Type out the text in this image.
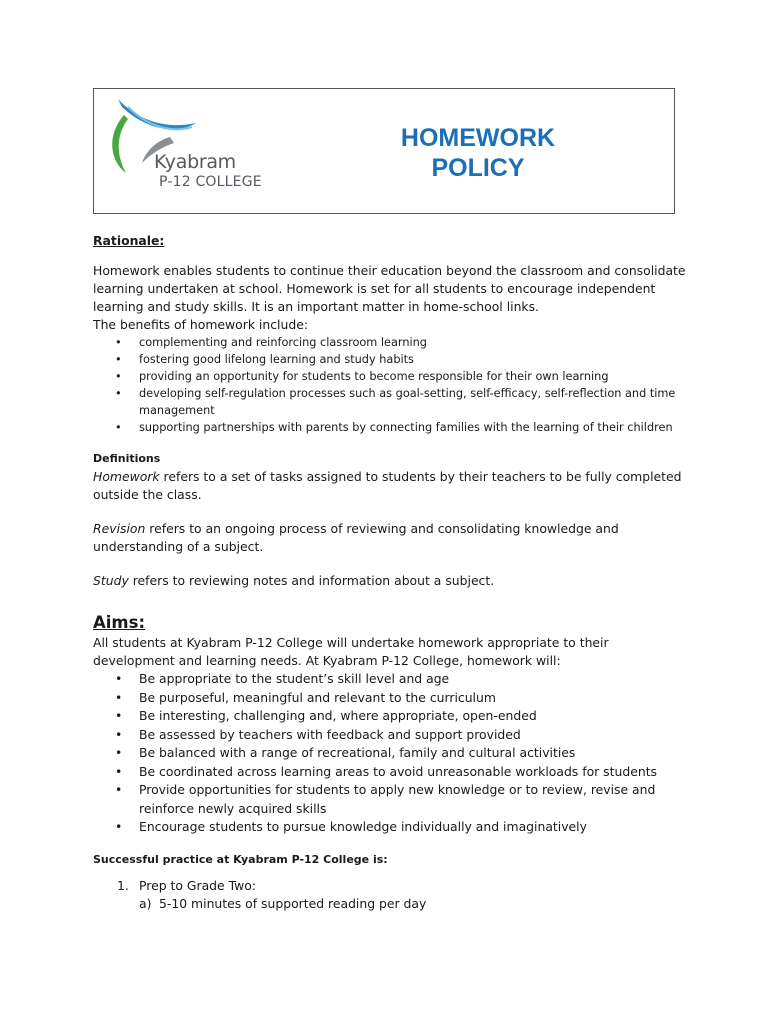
Kyabram
P-12 COLLEGE
HOMEWORK
POLICY
Rationale:

Homework enables students to continue their education beyond the classroom and consolidate learning undertaken at school. Homework is set for all students to encourage independent learning and study skills. It is an important matter in home-school links.

The benefits of homework include:

• complementing and reinforcing classroom learning
• fostering good lifelong learning and study habits
• providing an opportunity for students to become responsible for their own learning
• developing self-regulation processes such as goal-setting, self-efficacy, self-reflection and time management
• supporting partnerships with parents by connecting families with the learning of their children
Definitions

Homework refers to a set of tasks assigned to students by their teachers to be fully completed outside the class.

Revision refers to an ongoing process of reviewing and consolidating knowledge and understanding of a subject.

Study refers to reviewing notes and information about a subject.

Aims:

All students at Kyabram P-12 College will undertake homework appropriate to their development and learning needs. At Kyabram P-12 College, homework will:

• Be appropriate to the student’s skill level and age
• Be purposeful, meaningful and relevant to the curriculum
• Be interesting, challenging and, where appropriate, open-ended
• Be assessed by teachers with feedback and support provided
• Be balanced with a range of recreational, family and cultural activities
• Be coordinated across learning areas to avoid unreasonable workloads for students
• Provide opportunities for students to apply new knowledge or to review, revise and reinforce newly acquired skills
• Encourage students to pursue knowledge individually and imaginatively
Successful practice at Kyabram P-12 College is:
1. Prep to Grade Two:
a) 5-10 minutes of supported reading per day
